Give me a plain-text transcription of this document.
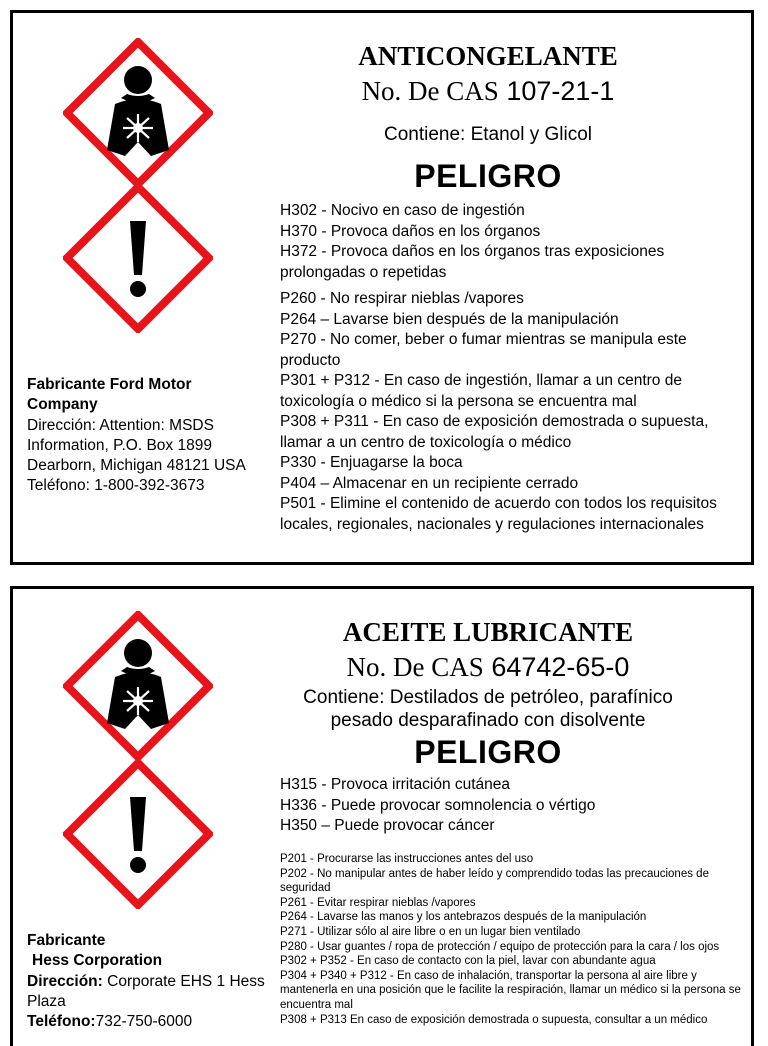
ANTICONGELANTE
No. De CAS 107-21-1
Contiene: Etanol y Glicol
PELIGRO
H302 - Nocivo en caso de ingestión
H370 - Provoca daños en los órganos
H372 - Provoca daños en los órganos tras exposiciones prolongadas o repetidas
P260 - No respirar nieblas /vapores
P264 – Lavarse bien después de la manipulación
P270 - No comer, beber o fumar mientras se manipula este producto
P301 + P312 - En caso de ingestión, llamar a un centro de toxicología o médico si la persona se encuentra mal
P308 + P311 - En caso de exposición demostrada o supuesta, llamar a un centro de toxicología o médico
P330 - Enjuagarse la boca
P404 – Almacenar en un recipiente cerrado
P501 - Elimine el contenido de acuerdo con todos los requisitos locales, regionales, nacionales y regulaciones internacionales
Fabricante Ford Motor
Company
Dirección: Attention: MSDS Information, P.O. Box 1899 Dearborn, Michigan 48121 USA
Teléfono: 1-800-392-3673
ACEITE LUBRICANTE
No. De CAS 64742-65-0
Contiene: Destilados de petróleo, parafínico
pesado desparafinado con disolvente
PELIGRO
H315 - Provoca irritación cutánea
H336 - Puede provocar somnolencia o vértigo
H350 – Puede provocar cáncer
P201 - Procurarse las instrucciones antes del uso
P202 - No manipular antes de haber leído y comprendido todas las precauciones de seguridad
P261 - Evitar respirar nieblas /vapores
P264 - Lavarse las manos y los antebrazos después de la manipulación
P271 - Utilizar sólo al aire libre o en un lugar bien ventilado
P280 - Usar guantes / ropa de protección / equipo de protección para la cara / los ojos
P302 + P352 - En caso de contacto con la piel, lavar con abundante agua
P304 + P340 + P312 - En caso de inhalación, transportar la persona al aire libre y mantenerla en una posición que le facilite la respiración, llamar un médico si la persona se encuentra mal
P308 + P313 En caso de exposición demostrada o supuesta, consultar a un médico
Fabricante
Hess Corporation
Dirección: Corporate EHS 1 Hess Plaza
Teléfono:732-750-6000
